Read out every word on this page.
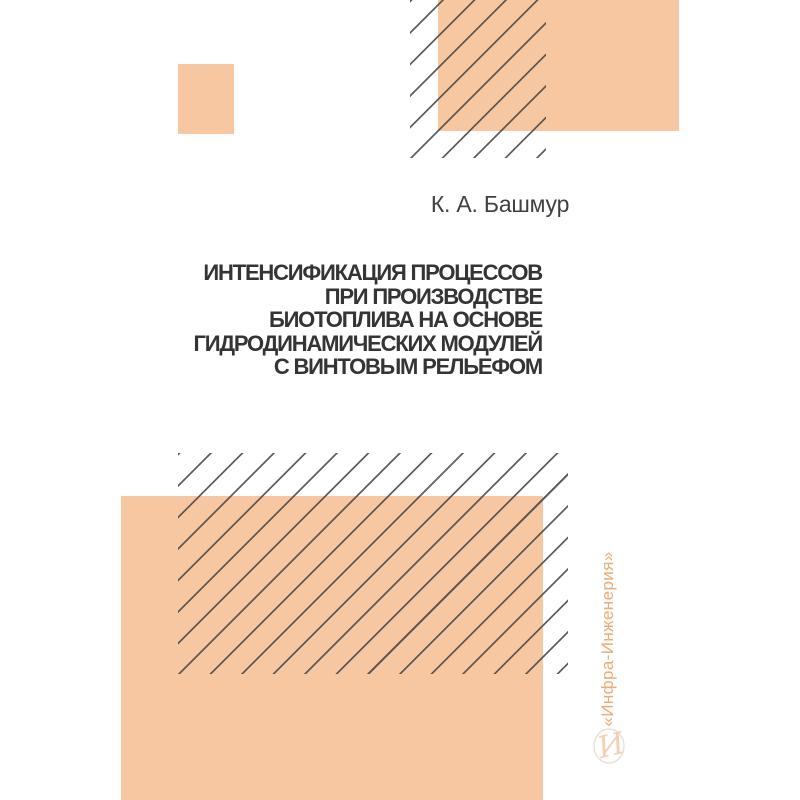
К. А. Башмур
ИНТЕНСИФИКАЦИЯ ПРОЦЕССОВ
ПРИ ПРОИЗВОДСТВЕ
БИОТОПЛИВА НА ОСНОВЕ
ГИДРОДИНАМИЧЕСКИХ МОДУЛЕЙ
С ВИНТОВЫМ РЕЛЬЕФОМ
«Инфра-Инженерия»
И
